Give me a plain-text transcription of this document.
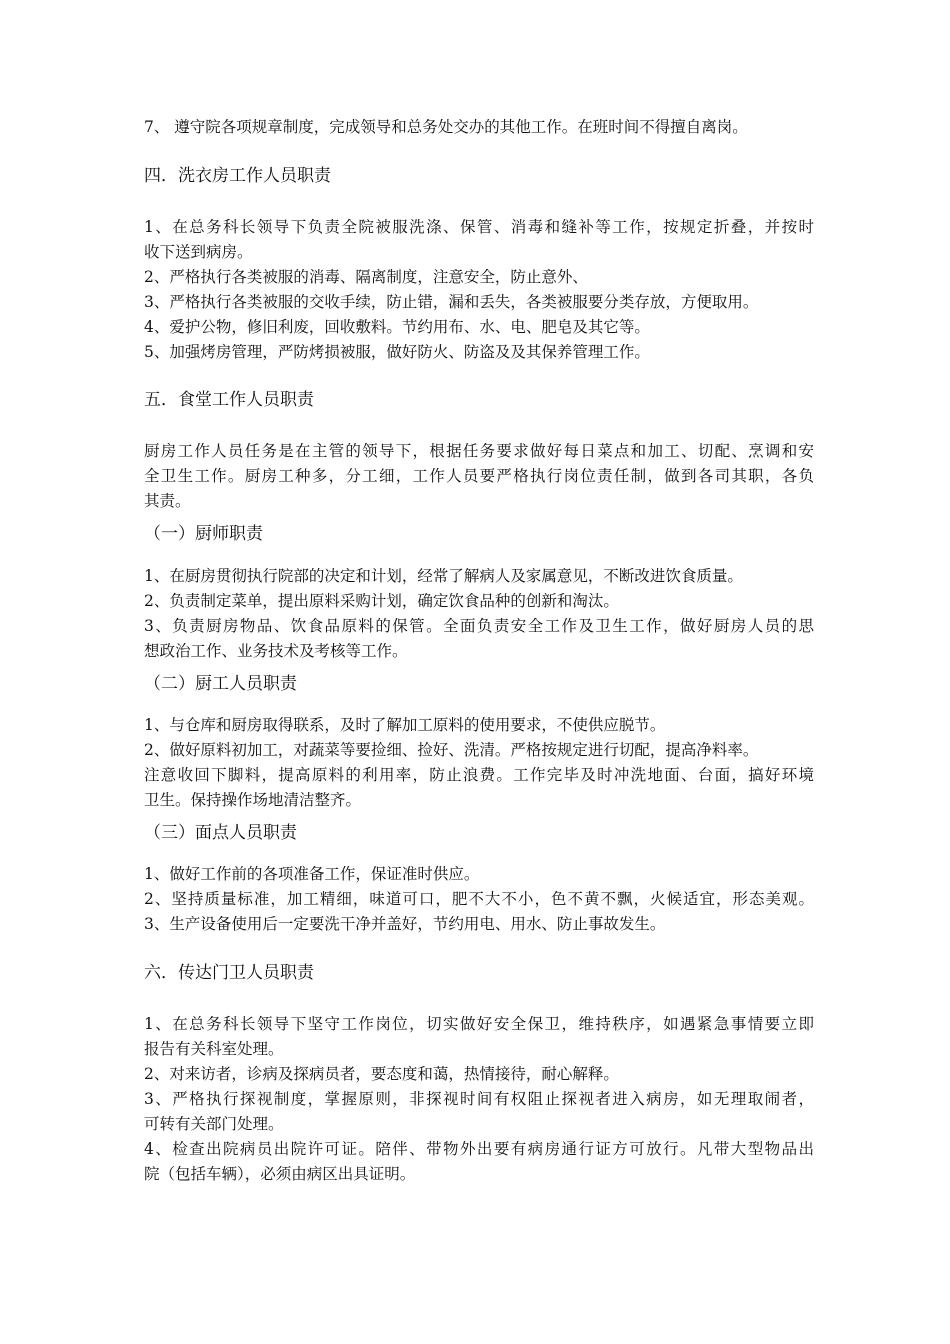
7、 遵守院各项规章制度，完成领导和总务处交办的其他工作。在班时间不得擅自离岗。
四．洗衣房工作人员职责
1、在总务科长领导下负责全院被服洗涤、保管、消毒和缝补等工作，按规定折叠，并按时
收下送到病房。
2、严格执行各类被服的消毒、隔离制度，注意安全，防止意外、
3、严格执行各类被服的交收手续，防止错，漏和丢失，各类被服要分类存放，方便取用。
4、爱护公物，修旧利废，回收敷料。节约用布、水、电、肥皂及其它等。
5、加强烤房管理，严防烤损被服，做好防火、防盗及及其保养管理工作。
五．食堂工作人员职责
厨房工作人员任务是在主管的领导下，根据任务要求做好每日菜点和加工、切配、烹调和安
全卫生工作。厨房工种多，分工细，工作人员要严格执行岗位责任制，做到各司其职，各负
其责。
（一）厨师职责
1、在厨房贯彻执行院部的决定和计划，经常了解病人及家属意见，不断改进饮食质量。
2、负责制定菜单，提出原料采购计划，确定饮食品种的创新和淘汰。
3、负责厨房物品、饮食品原料的保管。全面负责安全工作及卫生工作，做好厨房人员的思
想政治工作、业务技术及考核等工作。
（二）厨工人员职责
1、与仓库和厨房取得联系，及时了解加工原料的使用要求，不使供应脱节。
2、做好原料初加工，对蔬菜等要捡细、捡好、洗清。严格按规定进行切配，提高净料率。
注意收回下脚料，提高原料的利用率，防止浪费。工作完毕及时冲洗地面、台面，搞好环境
卫生。保持操作场地清洁整齐。
（三）面点人员职责
1、做好工作前的各项准备工作，保证准时供应。
2、坚持质量标准，加工精细，味道可口，肥不大不小，色不黄不飘，火候适宜，形态美观。
3、生产设备使用后一定要洗干净并盖好，节约用电、用水、防止事故发生。
六．传达门卫人员职责
1、在总务科长领导下坚守工作岗位，切实做好安全保卫，维持秩序，如遇紧急事情要立即
报告有关科室处理。
2、对来访者，诊病及探病员者，要态度和蔼，热情接待，耐心解释。
3、严格执行探视制度，掌握原则，非探视时间有权阻止探视者进入病房，如无理取闹者，
可转有关部门处理。
4、检查出院病员出院许可证。陪伴、带物外出要有病房通行证方可放行。凡带大型物品出
院（包括车辆），必须由病区出具证明。
